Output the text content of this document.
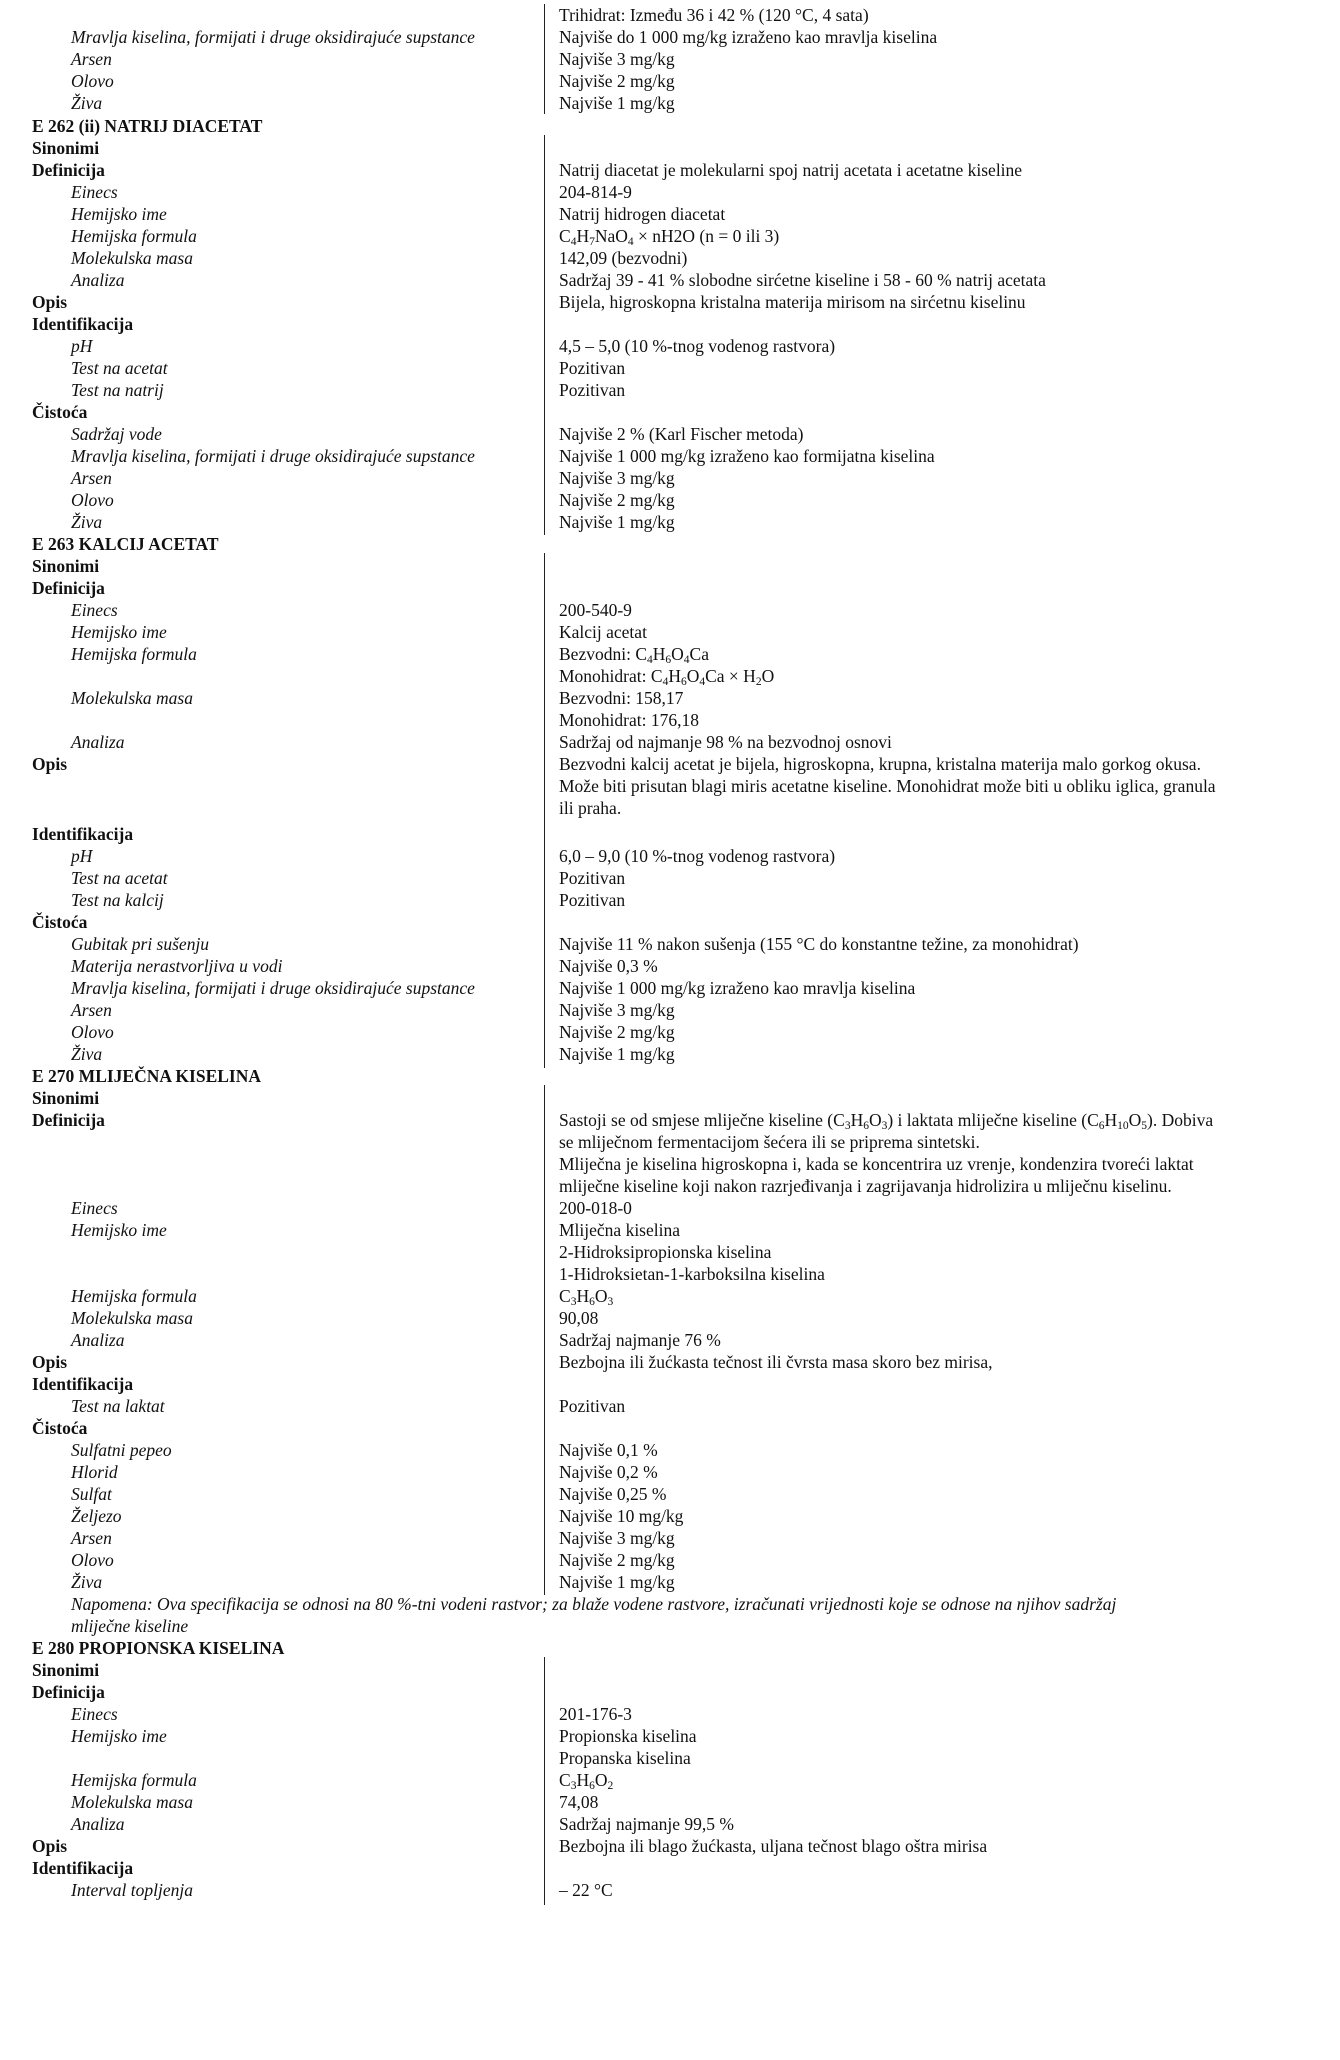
Trihidrat: Između 36 i 42 % (120 °C, 4 sata)
Mravlja kiselina, formijati i druge oksidirajuće supstance	Najviše do 1 000 mg/kg izraženo kao mravlja kiselina
Arsen	Najviše 3 mg/kg
Olovo	Najviše 2 mg/kg
Živa	Najviše 1 mg/kg
E 262 (ii) NATRIJ DIACETAT
Sinonimi
Definicija	Natrij diacetat je molekularni spoj natrij acetata i acetatne kiseline
Einecs	204-814-9
Hemijsko ime	Natrij hidrogen diacetat
Hemijska formula	$C_4H_7NaO_4 \times nH2O$ (n = 0 ili 3)
Molekulska masa	142,09 (bezvodni)
Analiza	Sadržaj 39 - 41 % slobodne sirćetne kiseline i 58 - 60 % natrij acetata
Opis	Bijela, higroskopna kristalna materija mirisom na sirćetnu kiselinu
Identifikacija
pH	4,5 – 5,0 (10 %-tnog vodenog rastvora)
Test na acetat	Pozitivan
Test na natrij	Pozitivan
Čistoća
Sadržaj vode	Najviše 2 % (Karl Fischer metoda)
Mravlja kiselina, formijati i druge oksidirajuće supstance	Najviše 1 000 mg/kg izraženo kao formijatna kiselina
Arsen	Najviše 3 mg/kg
Olovo	Najviše 2 mg/kg
Živa	Najviše 1 mg/kg
E 263 KALCIJ ACETAT
Sinonimi
Definicija
Einecs	200-540-9
Hemijsko ime	Kalcij acetat
Hemijska formula	Bezvodni: $C_4H_6O_4Ca$
Monohidrat: $C_4H_6O_4Ca \times H_2O$
Molekulska masa	Bezvodni: 158,17
Monohidrat: 176,18
Analiza	Sadržaj od najmanje 98 % na bezvodnoj osnovi
Opis	Bezvodni kalcij acetat je bijela, higroskopna, krupna, kristalna materija malo gorkog okusa.
Može biti prisutan blagi miris acetatne kiseline. Monohidrat može biti u obliku iglica, granula
ili praha.
Identifikacija
pH	6,0 – 9,0 (10 %-tnog vodenog rastvora)
Test na acetat	Pozitivan
Test na kalcij	Pozitivan
Čistoća
Gubitak pri sušenju	Najviše 11 % nakon sušenja (155 °C do konstantne težine, za monohidrat)
Materija nerastvorljiva u vodi	Najviše 0,3 %
Mravlja kiselina, formijati i druge oksidirajuće supstance	Najviše 1 000 mg/kg izraženo kao mravlja kiselina
Arsen	Najviše 3 mg/kg
Olovo	Najviše 2 mg/kg
Živa	Najviše 1 mg/kg
E 270 MLIJEČNA KISELINA
Sinonimi
Definicija	Sastoji se od smjese mliječne kiseline $(C_3H_6O_3)$ i laktata mliječne kiseline $(C_6H_{10}O_5)$. Dobiva
se mliječnom fermentacijom šećera ili se priprema sintetski.
Mliječna je kiselina higroskopna i, kada se koncentrira uz vrenje, kondenzira tvoreći laktat
mliječne kiseline koji nakon razrjeđivanja i zagrijavanja hidrolizira u mliječnu kiselinu.
Einecs	200-018-0
Hemijsko ime	Mliječna kiselina
2-Hidroksipropionska kiselina
1-Hidroksietan-1-karboksilna kiselina
Hemijska formula	$C_3H_6O_3$
Molekulska masa	90,08
Analiza	Sadržaj najmanje 76 %
Opis	Bezbojna ili žućkasta tečnost ili čvrsta masa skoro bez mirisa,
Identifikacija
Test na laktat	Pozitivan
Čistoća
Sulfatni pepeo	Najviše 0,1 %
Hlorid	Najviše 0,2 %
Sulfat	Najviše 0,25 %
Željezo	Najviše 10 mg/kg
Arsen	Najviše 3 mg/kg
Olovo	Najviše 2 mg/kg
Živa	Najviše 1 mg/kg
Napomena: Ova specifikacija se odnosi na 80 %-tni vodeni rastvor; za blaže vodene rastvore, izračunati vrijednosti koje se odnose na njihov sadržaj
mliječne kiseline
E 280 PROPIONSKA KISELINA
Sinonimi
Definicija
Einecs	201-176-3
Hemijsko ime	Propionska kiselina
Propanska kiselina
Hemijska formula	$C_3H_6O_2$
Molekulska masa	74,08
Analiza	Sadržaj najmanje 99,5 %
Opis	Bezbojna ili blago žućkasta, uljana tečnost blago oštra mirisa
Identifikacija
Interval topljenja	– 22 °C
